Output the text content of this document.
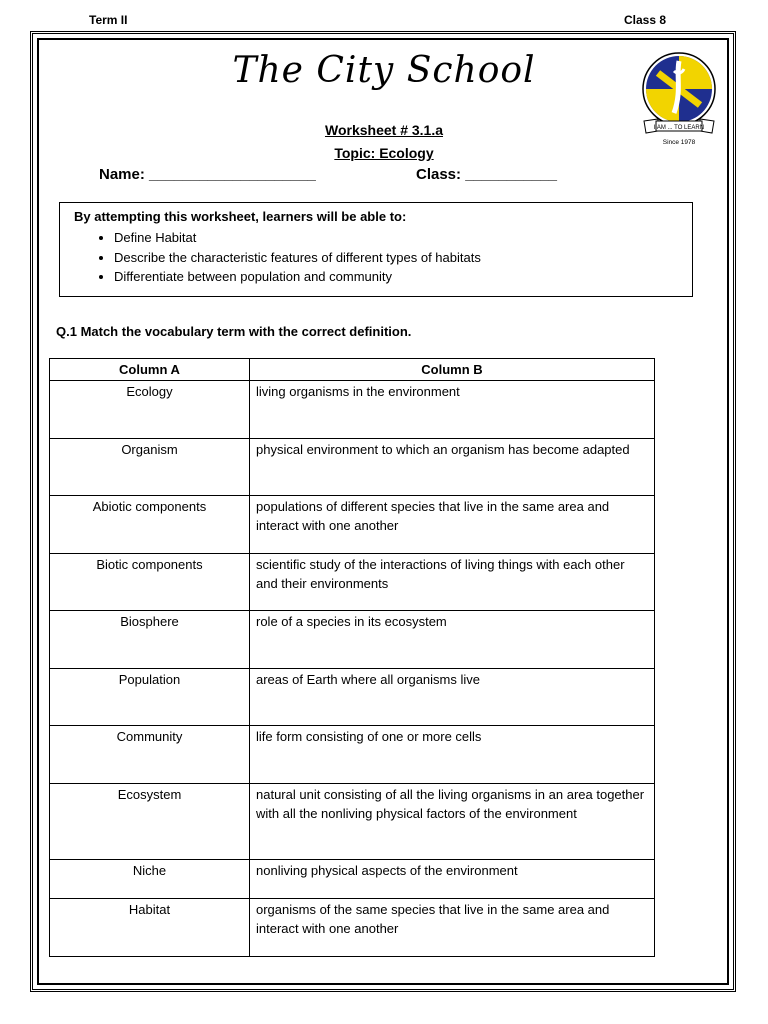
Term II	Class 8
The City School
I AM ... TO LEARN
Since 1978
Worksheet # 3.1.a
Topic: Ecology
Name: ____________________	Class: ___________
By attempting this worksheet, learners will be able to:
• Define Habitat
• Describe the characteristic features of different types of habitats
• Differentiate between population and community
Q.1 Match the vocabulary term with the correct definition.
Column A	Column B
Ecology	living organisms in the environment
Organism	physical environment to which an organism has become adapted
Abiotic components	populations of different species that live in the same area and interact with one another
Biotic components	scientific study of the interactions of living things with each other and their environments
Biosphere	role of a species in its ecosystem
Population	areas of Earth where all organisms live
Community	life form consisting of one or more cells
Ecosystem	natural unit consisting of all the living organisms in an area together with all the nonliving physical factors of the environment
Niche	nonliving physical aspects of the environment
Habitat	organisms of the same species that live in the same area and interact with one another
